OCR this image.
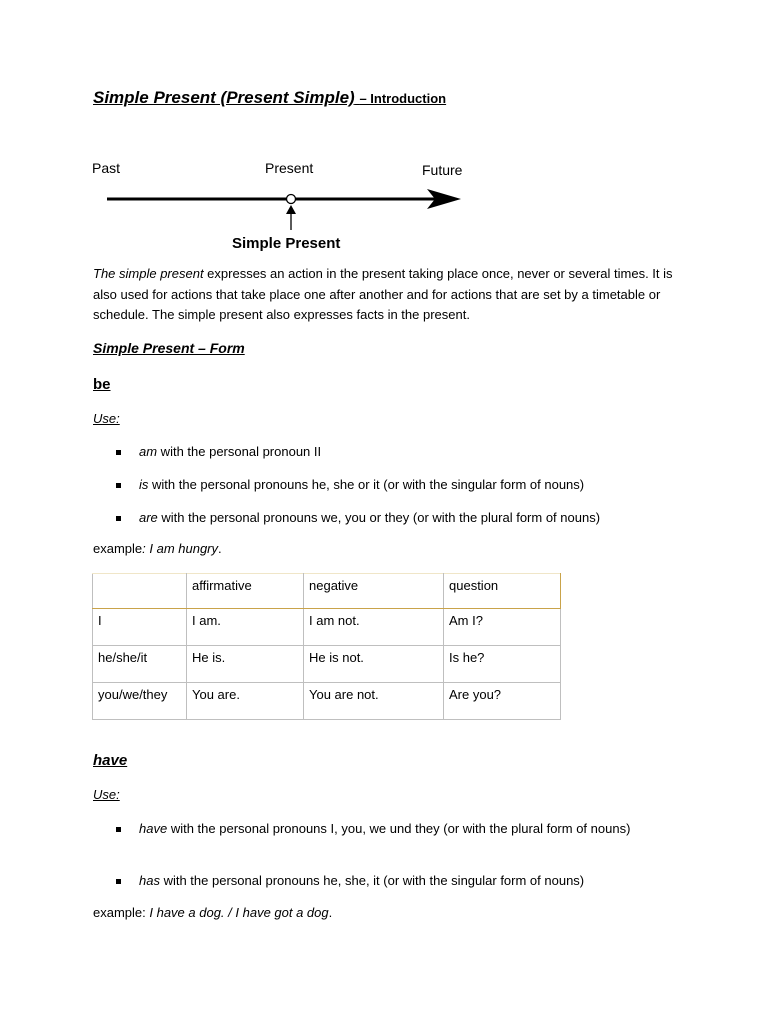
Simple Present (Present Simple) – Introduction
Past	Present	Future
Simple Present
The simple present expresses an action in the present taking place once, never or several times. It is also used for actions that take place one after another and for actions that are set by a timetable or schedule. The simple present also expresses facts in the present.
Simple Present – Form
be
Use:
am with the personal pronoun II
is with the personal pronouns he, she or it (or with the singular form of nouns)
are with the personal pronouns we, you or they (or with the plural form of nouns)
example: I am hungry.
	affirmative	negative	question
I	I am.	I am not.	Am I?
he/she/it	He is.	He is not.	Is he?
you/we/they	You are.	You are not.	Are you?
have
Use:
have with the personal pronouns I, you, we und they (or with the plural form of nouns)
has with the personal pronouns he, she, it (or with the singular form of nouns)
example: I have a dog. / I have got a dog.
